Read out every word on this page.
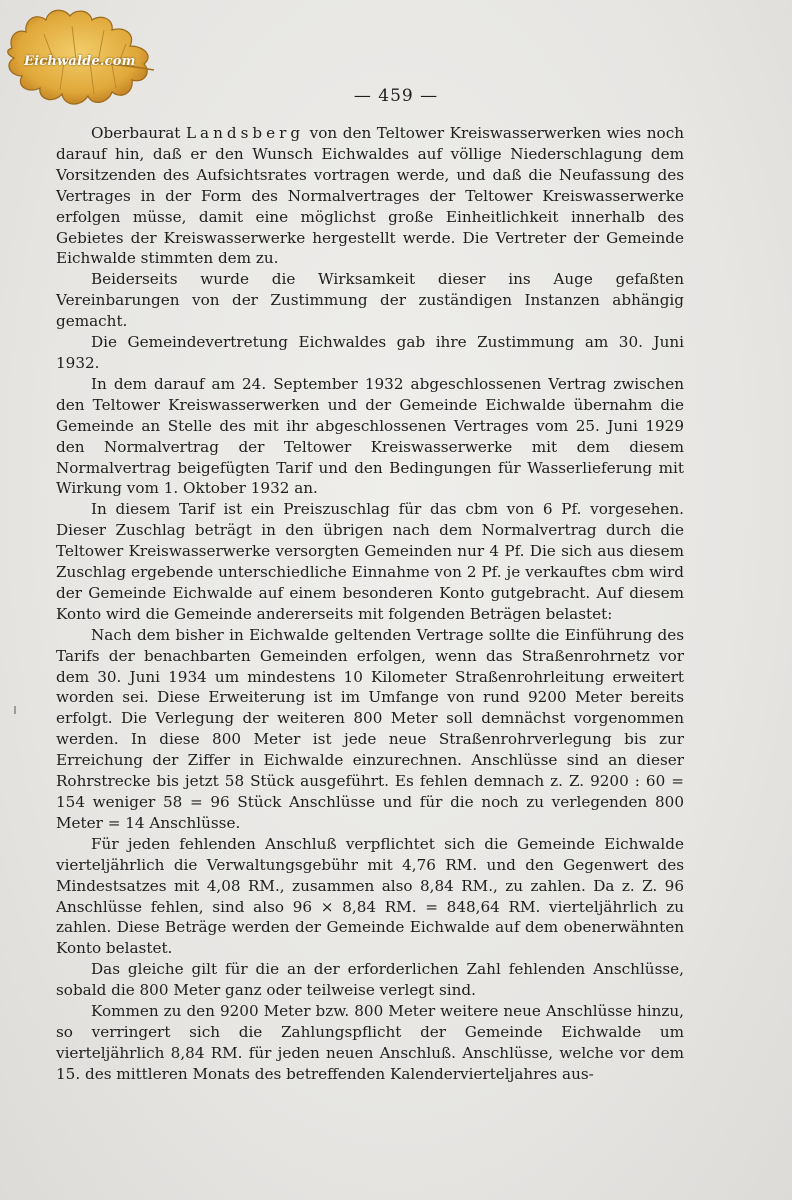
Eichwalde.com
— 459 —

Oberbaurat Landsberg von den Teltower Kreiswasserwerken wies noch darauf hin, daß er den Wunsch Eichwaldes auf völlige Niederschlagung dem Vorsitzenden des Aufsichtsrates vortragen werde, und daß die Neufassung des Vertrages in der Form des Normalvertrages der Teltower Kreiswasserwerke erfolgen müsse, damit eine möglichst große Einheitlichkeit innerhalb des Gebietes der Kreiswasserwerke hergestellt werde. Die Vertreter der Gemeinde Eichwalde stimmten dem zu.

Beiderseits wurde die Wirksamkeit dieser ins Auge gefaßten Vereinbarungen von der Zustimmung der zuständigen Instanzen abhängig gemacht.

Die Gemeindevertretung Eichwaldes gab ihre Zustimmung am 30. Juni 1932.

In dem darauf am 24. September 1932 abgeschlossenen Vertrag zwischen den Teltower Kreiswasserwerken und der Gemeinde Eichwalde übernahm die Gemeinde an Stelle des mit ihr abgeschlossenen Vertrages vom 25. Juni 1929 den Normalvertrag der Teltower Kreiswasserwerke mit dem diesem Normalvertrag beigefügten Tarif und den Bedingungen für Wasserlieferung mit Wirkung vom 1. Oktober 1932 an.

In diesem Tarif ist ein Preiszuschlag für das cbm von 6 Pf. vorgesehen. Dieser Zuschlag beträgt in den übrigen nach dem Normalvertrag durch die Teltower Kreiswasserwerke versorgten Gemeinden nur 4 Pf. Die sich aus diesem Zuschlag ergebende unterschiedliche Einnahme von 2 Pf. je verkauftes cbm wird der Gemeinde Eichwalde auf einem besonderen Konto gutgebracht. Auf diesem Konto wird die Gemeinde andererseits mit folgenden Beträgen belastet:

Nach dem bisher in Eichwalde geltenden Vertrage sollte die Einführung des Tarifs der benachbarten Gemeinden erfolgen, wenn das Straßenrohrnetz vor dem 30. Juni 1934 um mindestens 10 Kilometer Straßenrohrleitung erweitert worden sei. Diese Erweiterung ist im Umfange von rund 9200 Meter bereits erfolgt. Die Verlegung der weiteren 800 Meter soll demnächst vorgenommen werden. In diese 800 Meter ist jede neue Straßenrohrverlegung bis zur Erreichung der Ziffer in Eichwalde einzurechnen. Anschlüsse sind an dieser Rohrstrecke bis jetzt 58 Stück ausgeführt. Es fehlen demnach z. Z. 9200 : 60 = 154 weniger 58 = 96 Stück Anschlüsse und für die noch zu verlegenden 800 Meter = 14 Anschlüsse.

Für jeden fehlenden Anschluß verpflichtet sich die Gemeinde Eichwalde vierteljährlich die Verwaltungsgebühr mit 4,76 RM. und den Gegenwert des Mindestsatzes mit 4,08 RM., zusammen also 8,84 RM., zu zahlen. Da z. Z. 96 Anschlüsse fehlen, sind also 96 × 8,84 RM. = 848,64 RM. vierteljährlich zu zahlen. Diese Beträge werden der Gemeinde Eichwalde auf dem obenerwähnten Konto belastet.

Das gleiche gilt für die an der erforderlichen Zahl fehlenden Anschlüsse, sobald die 800 Meter ganz oder teilweise verlegt sind.

Kommen zu den 9200 Meter bzw. 800 Meter weitere neue Anschlüsse hinzu, so verringert sich die Zahlungspflicht der Gemeinde Eichwalde um vierteljährlich 8,84 RM. für jeden neuen Anschluß. Anschlüsse, welche vor dem 15. des mittleren Monats des betreffenden Kalendervierteljahres aus-
